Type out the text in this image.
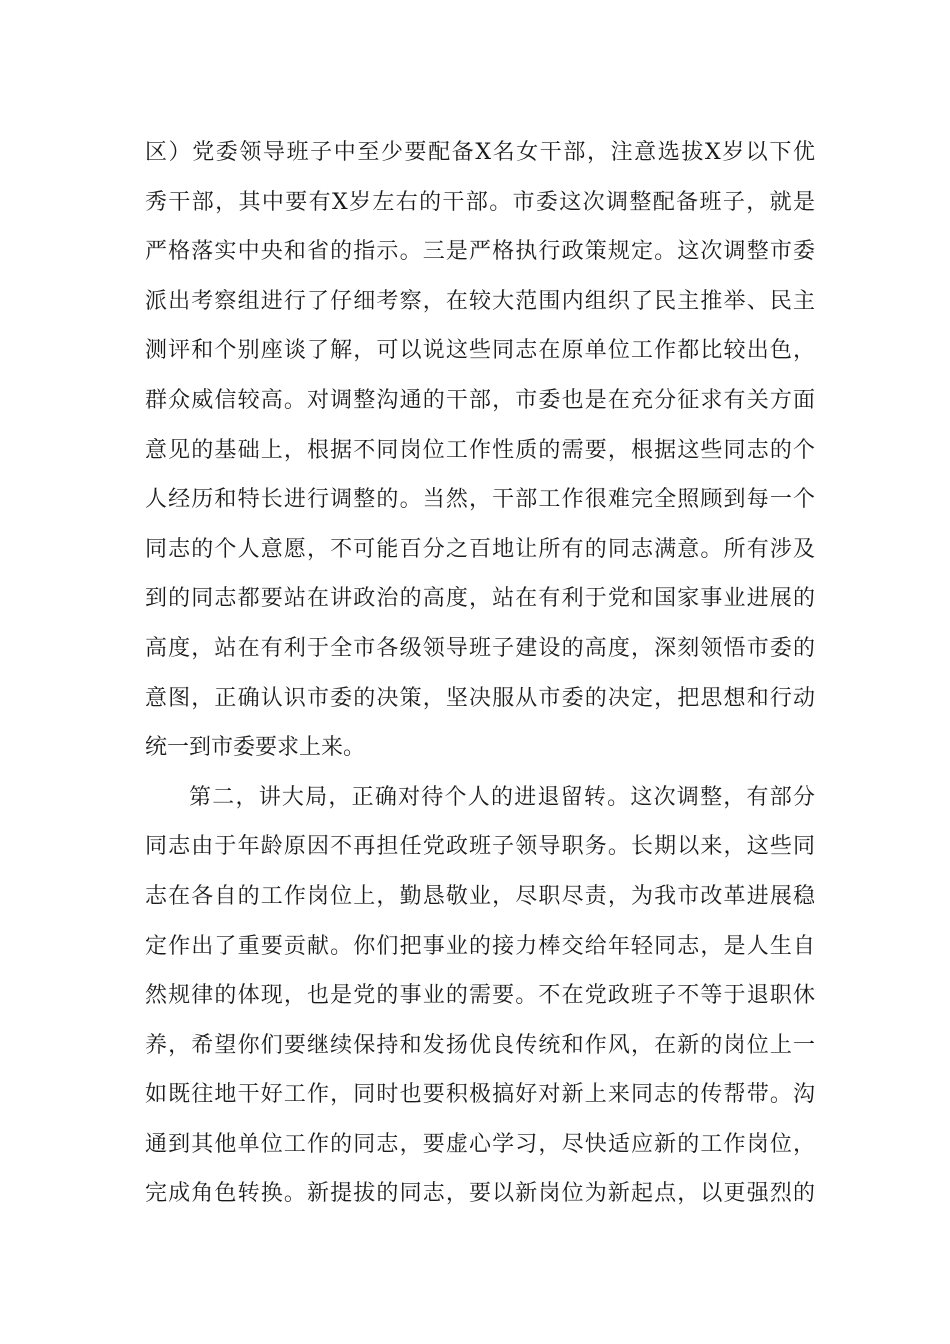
区）党委领导班子中至少要配备X名女干部，注意选拔X岁以下优
秀干部，其中要有X岁左右的干部。市委这次调整配备班子，就是
严格落实中央和省的指示。三是严格执行政策规定。这次调整市委
派出考察组进行了仔细考察，在较大范围内组织了民主推举、民主
测评和个别座谈了解，可以说这些同志在原单位工作都比较出色，
群众威信较高。对调整沟通的干部，市委也是在充分征求有关方面
意见的基础上，根据不同岗位工作性质的需要，根据这些同志的个
人经历和特长进行调整的。当然，干部工作很难完全照顾到每一个
同志的个人意愿，不可能百分之百地让所有的同志满意。所有涉及
到的同志都要站在讲政治的高度，站在有利于党和国家事业进展的
高度，站在有利于全市各级领导班子建设的高度，深刻领悟市委的
意图，正确认识市委的决策，坚决服从市委的决定，把思想和行动
统一到市委要求上来。
第二，讲大局，正确对待个人的进退留转。这次调整，有部分
同志由于年龄原因不再担任党政班子领导职务。长期以来，这些同
志在各自的工作岗位上，勤恳敬业，尽职尽责，为我市改革进展稳
定作出了重要贡献。你们把事业的接力棒交给年轻同志，是人生自
然规律的体现，也是党的事业的需要。不在党政班子不等于退职休
养，希望你们要继续保持和发扬优良传统和作风，在新的岗位上一
如既往地干好工作，同时也要积极搞好对新上来同志的传帮带。沟
通到其他单位工作的同志，要虚心学习，尽快适应新的工作岗位，
完成角色转换。新提拔的同志，要以新岗位为新起点，以更强烈的
